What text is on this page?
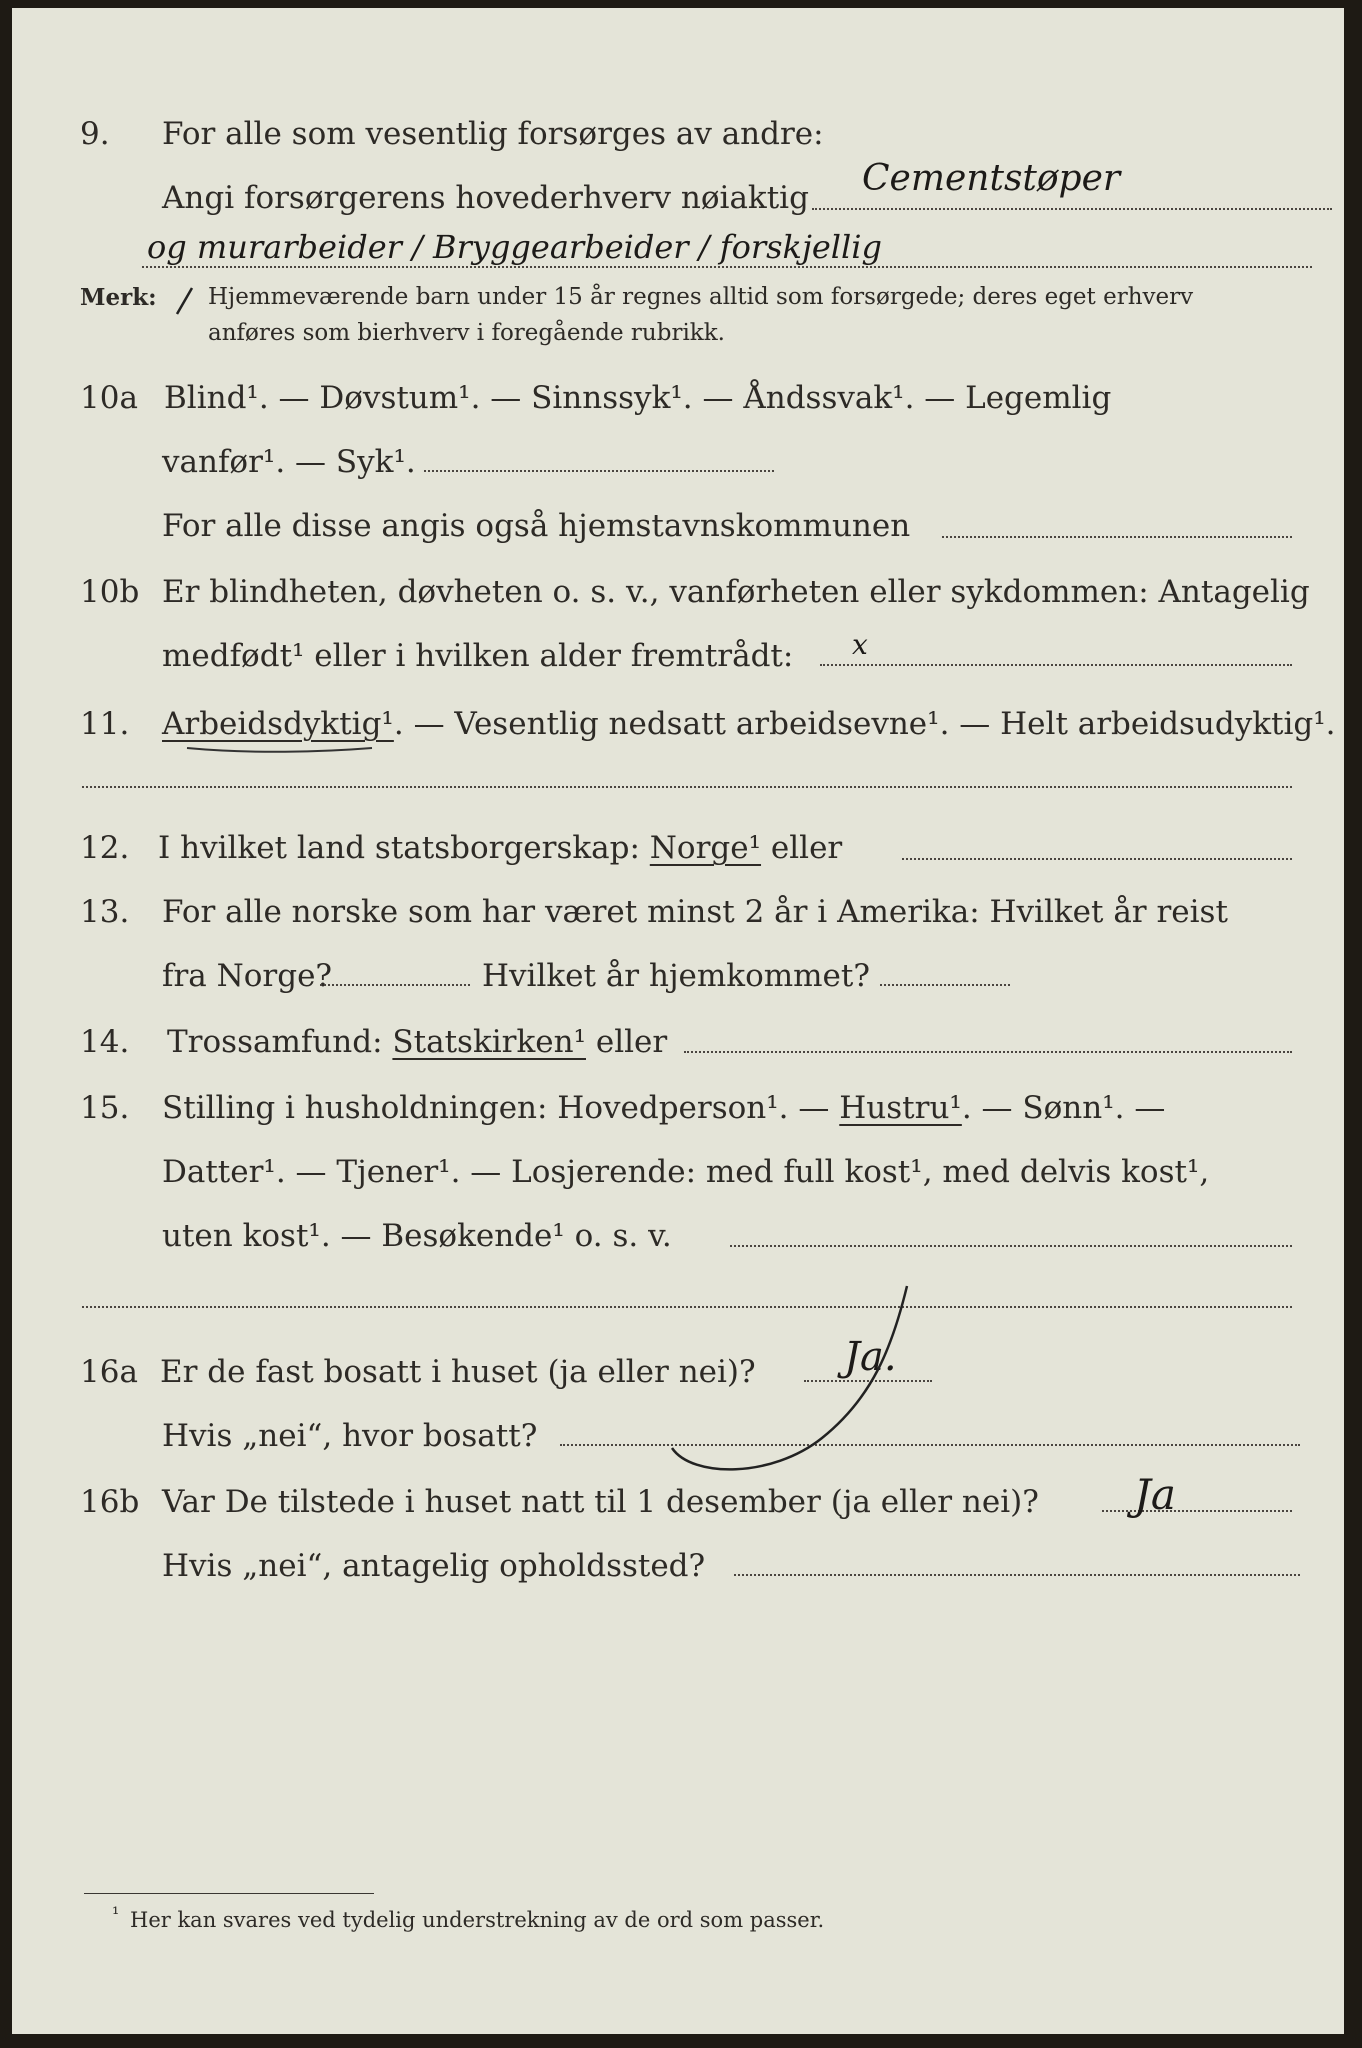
9. For alle som vesentlig forsørges av andre:
Angi forsørgerens hovederhverv nøiaktig Cementstøper
og murarbeider / Bryggearbeider / forskjellig
Merk: Hjemmeværende barn under 15 år regnes alltid som forsørgede; deres eget erhverv
anføres som bierhverv i foregående rubrikk.
10a Blind¹. — Døvstum¹. — Sinnssyk¹. — Åndssvak¹. — Legemlig
vanfør¹. — Syk¹.
For alle disse angis også hjemstavnskommunen
10b Er blindheten, døvheten o. s. v., vanførheten eller sykdommen: Antagelig
medfødt¹ eller i hvilken alder fremtrådt: x
11. Arbeidsdyktig¹. — Vesentlig nedsatt arbeidsevne¹. — Helt arbeidsudyktig¹.
12. I hvilket land statsborgerskap: Norge¹ eller
13. For alle norske som har været minst 2 år i Amerika: Hvilket år reist
fra Norge?	Hvilket år hjemkommet?
14. Trossamfund: Statskirken¹ eller
15. Stilling i husholdningen: Hovedperson¹. — Hustru¹. — Sønn¹. —
Datter¹. — Tjener¹. — Losjerende: med full kost¹, med delvis kost¹,
uten kost¹. — Besøkende¹ o. s. v.
16a Er de fast bosatt i huset (ja eller nei)? Ja.
Hvis „nei“, hvor bosatt?
16b Var De tilstede i huset natt til 1 desember (ja eller nei)? Ja
Hvis „nei“, antagelig opholdssted?
¹ Her kan svares ved tydelig understrekning av de ord som passer.
